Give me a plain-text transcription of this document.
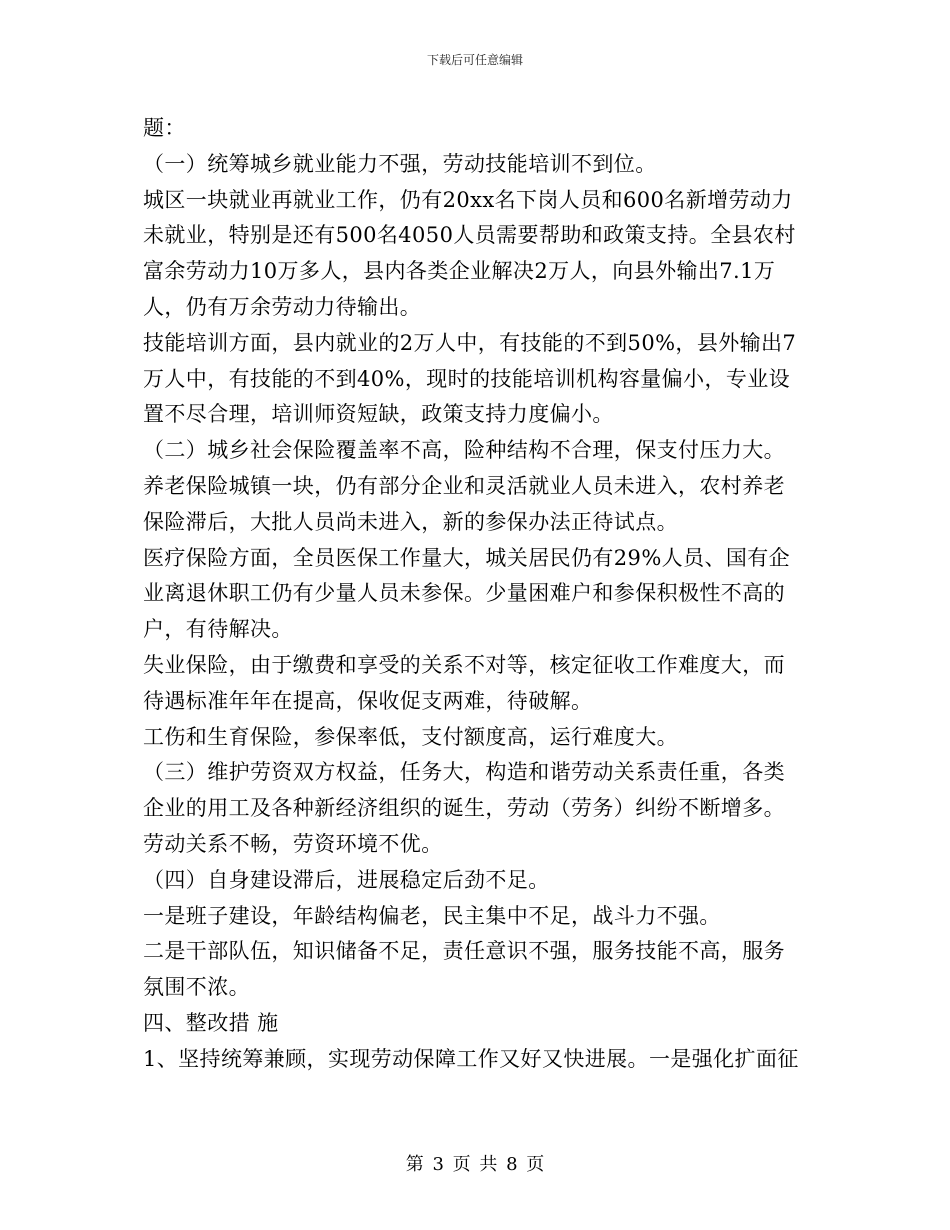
下载后可任意编辑

题：

（一）统筹城乡就业能力不强，劳动技能培训不到位。

城区一块就业再就业工作，仍有20xx名下岗人员和600名新增劳动力

未就业，特别是还有500名4050人员需要帮助和政策支持。全县农村

富余劳动力10万多人，县内各类企业解决2万人，向县外输出7.1万

人，仍有万余劳动力待输出。

技能培训方面，县内就业的2万人中，有技能的不到50%，县外输出7

万人中，有技能的不到40%，现时的技能培训机构容量偏小，专业设

置不尽合理，培训师资短缺，政策支持力度偏小。

（二）城乡社会保险覆盖率不高，险种结构不合理，保支付压力大。

养老保险城镇一块，仍有部分企业和灵活就业人员未进入，农村养老

保险滞后，大批人员尚未进入，新的参保办法正待试点。

医疗保险方面，全员医保工作量大，城关居民仍有29%人员、国有企

业离退休职工仍有少量人员未参保。少量困难户和参保积极性不高的

户，有待解决。

失业保险，由于缴费和享受的关系不对等，核定征收工作难度大，而

待遇标准年年在提高，保收促支两难，待破解。

工伤和生育保险，参保率低，支付额度高，运行难度大。

（三）维护劳资双方权益，任务大，构造和谐劳动关系责任重，各类

企业的用工及各种新经济组织的诞生，劳动（劳务）纠纷不断增多。

劳动关系不畅，劳资环境不优。

（四）自身建设滞后，进展稳定后劲不足。

一是班子建设，年龄结构偏老，民主集中不足，战斗力不强。

二是干部队伍，知识储备不足，责任意识不强，服务技能不高，服务

氛围不浓。

四、整改措 施

1、坚持统筹兼顾，实现劳动保障工作又好又快进展。一是强化扩面征

第 3 页 共 8 页
